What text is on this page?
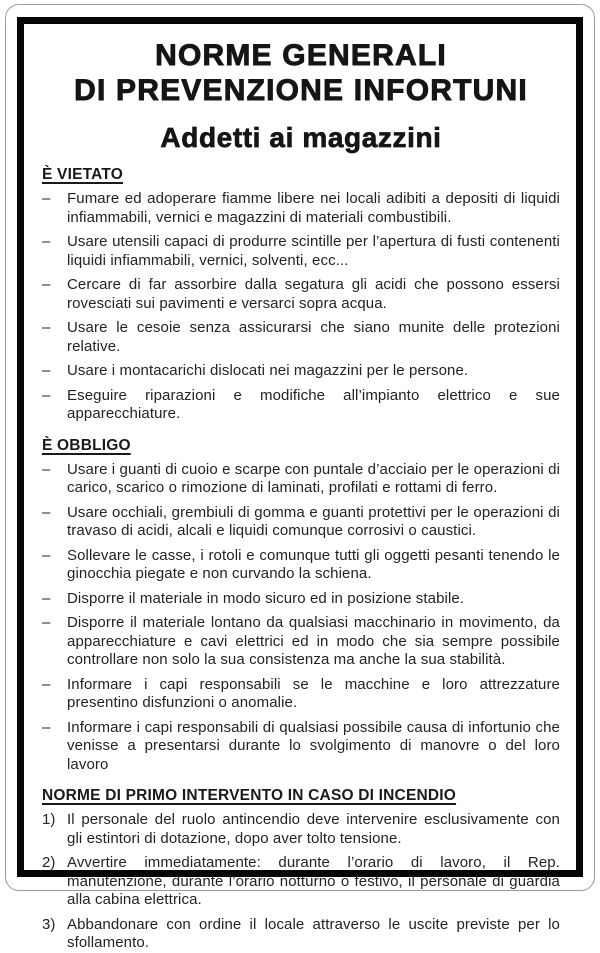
NORME GENERALI
DI PREVENZIONE INFORTUNI
Addetti ai magazzini
È VIETATO
–	Fumare ed adoperare fiamme libere nei locali adibiti a depositi di liquidi infiammabili, vernici e magazzini di materiali combustibili.
–	Usare utensili capaci di produrre scintille per l’apertura di fusti contenenti liquidi infiammabili, vernici, solventi, ecc...
–	Cercare di far assorbire dalla segatura gli acidi che possono essersi rovesciati sui pavimenti e versarci sopra acqua.
–	Usare le cesoie senza assicurarsi che siano munite delle protezioni relative.
–	Usare i montacarichi dislocati nei magazzini per le persone.
–	Eseguire riparazioni e modifiche all’impianto elettrico e sue apparecchiature.
È OBBLIGO
–	Usare i guanti di cuoio e scarpe con puntale d’acciaio per le operazioni di carico, scarico o rimozione di laminati, profilati e rottami di ferro.
–	Usare occhiali, grembiuli di gomma e guanti protettivi per le operazioni di travaso di acidi, alcali e liquidi comunque corrosivi o caustici.
–	Sollevare le casse, i rotoli e comunque tutti gli oggetti pesanti tenendo le ginocchia piegate e non curvando la schiena.
–	Disporre il materiale in modo sicuro ed in posizione stabile.
–	Disporre il materiale lontano da qualsiasi macchinario in movimento, da apparecchiature e cavi elettrici ed in modo che sia sempre possibile controllare non solo la sua consistenza ma anche la sua stabilità.
–	Informare i capi responsabili se le macchine e loro attrezzature presentino disfunzioni o anomalie.
–	Informare i capi responsabili di qualsiasi possibile causa di infortunio che venisse a presentarsi durante lo svolgimento di manovre o del loro lavoro
NORME DI PRIMO INTERVENTO IN CASO DI INCENDIO
1) Il personale del ruolo antincendio deve intervenire esclusivamente con gli estintori di dotazione, dopo aver tolto tensione.
2) Avvertire immediatamente: durante l’orario di lavoro, il Rep. manutenzione, durante l’orario notturno o festivo, il personale di guardia alla cabina elettrica.
3) Abbandonare con ordine il locale attraverso le uscite previste per lo sfollamento.
